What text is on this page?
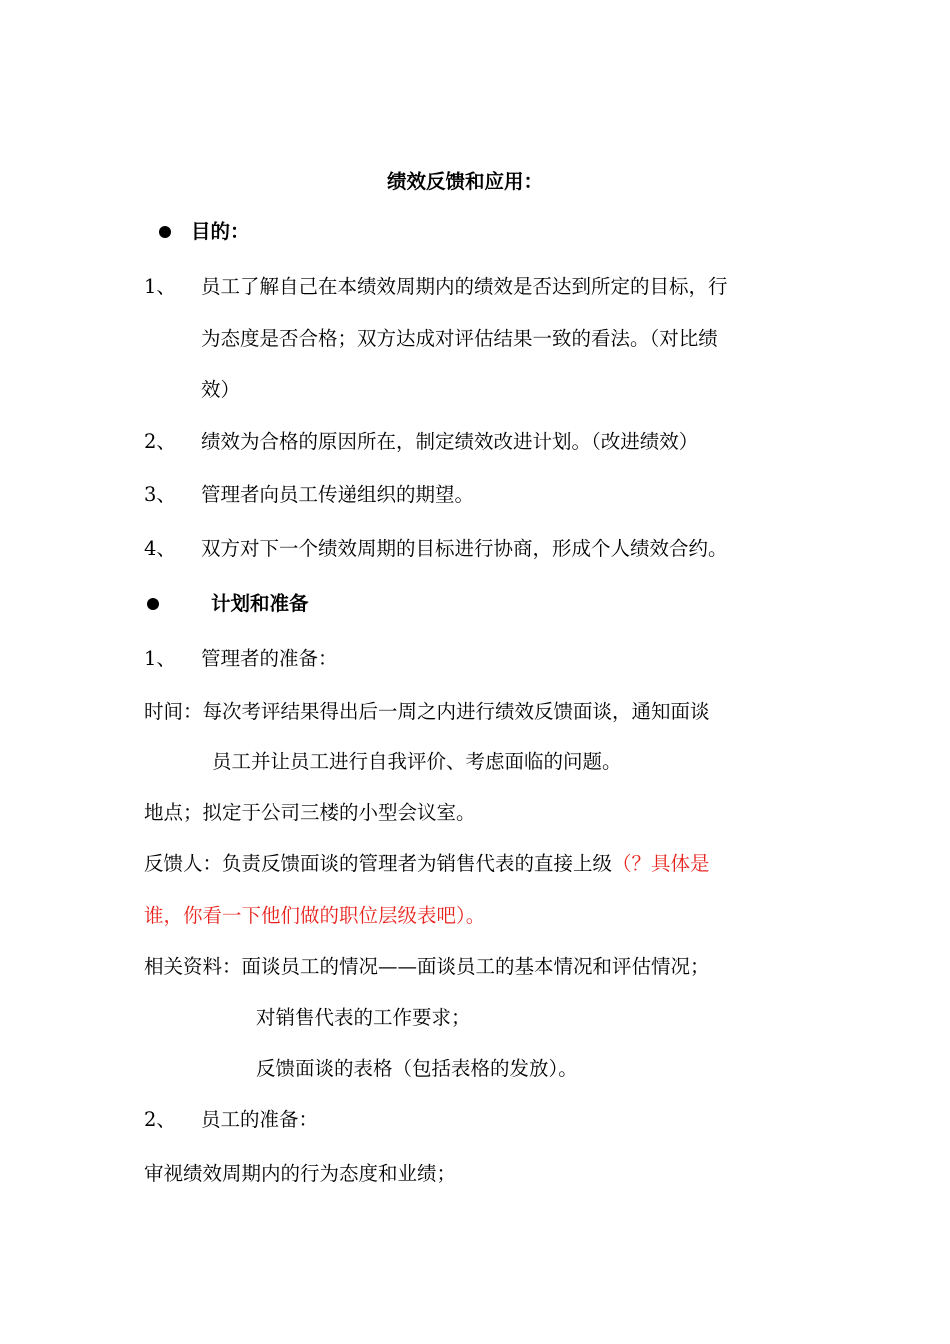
绩效反馈和应用：
目的：
1、 员工了解自己在本绩效周期内的绩效是否达到所定的目标，行
为态度是否合格；双方达成对评估结果一致的看法。（对比绩
效）
2、 绩效为合格的原因所在，制定绩效改进计划。（改进绩效）
3、 管理者向员工传递组织的期望。
4、 双方对下一个绩效周期的目标进行协商，形成个人绩效合约。
计划和准备
1、 管理者的准备：
时间：每次考评结果得出后一周之内进行绩效反馈面谈，通知面谈
员工并让员工进行自我评价、考虑面临的问题。
地点；拟定于公司三楼的小型会议室。
反馈人：负责反馈面谈的管理者为销售代表的直接上级（？具体是
谁，你看一下他们做的职位层级表吧）。
相关资料：面谈员工的情况——面谈员工的基本情况和评估情况；
对销售代表的工作要求；
反馈面谈的表格（包括表格的发放）。
2、 员工的准备：
审视绩效周期内的行为态度和业绩；
